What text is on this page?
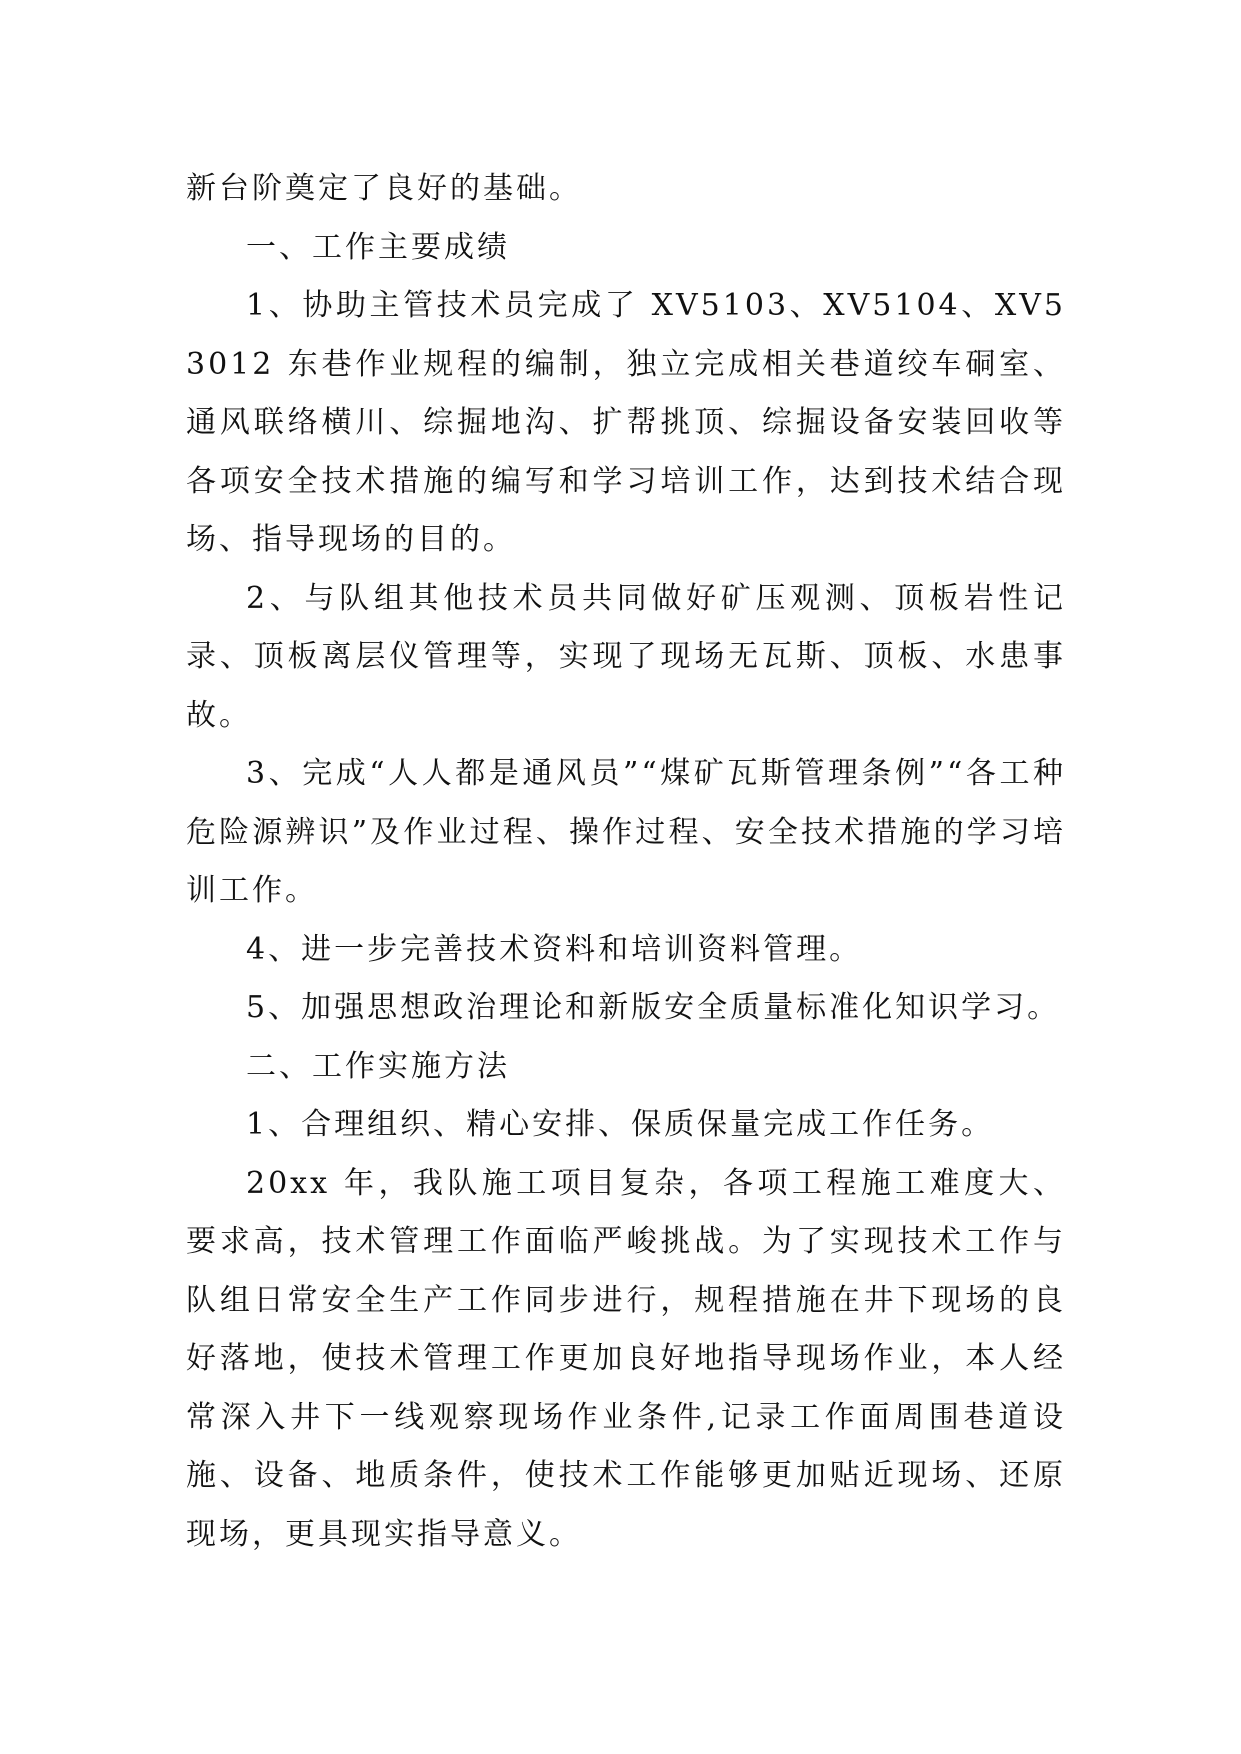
新台阶奠定了良好的基础。

一、工作主要成绩

1、协助主管技术员完成了 XV5103、XV5104、XV53012 东巷作业规程的编制，独立完成相关巷道绞车硐室、通风联络横川、综掘地沟、扩帮挑顶、综掘设备安装回收等各项安全技术措施的编写和学习培训工作，达到技术结合现场、指导现场的目的。

2、与队组其他技术员共同做好矿压观测、顶板岩性记录、顶板离层仪管理等，实现了现场无瓦斯、顶板、水患事故。

3、完成“人人都是通风员”“煤矿瓦斯管理条例”“各工种危险源辨识”及作业过程、操作过程、安全技术措施的学习培训工作。

4、进一步完善技术资料和培训资料管理。

5、加强思想政治理论和新版安全质量标准化知识学习。

二、工作实施方法

1、合理组织、精心安排、保质保量完成工作任务。

20xx 年，我队施工项目复杂，各项工程施工难度大、要求高，技术管理工作面临严峻挑战。为了实现技术工作与队组日常安全生产工作同步进行，规程措施在井下现场的良好落地，使技术管理工作更加良好地指导现场作业，本人经常深入井下一线观察现场作业条件,记录工作面周围巷道设施、设备、地质条件，使技术工作能够更加贴近现场、还原现场，更具现实指导意义。
